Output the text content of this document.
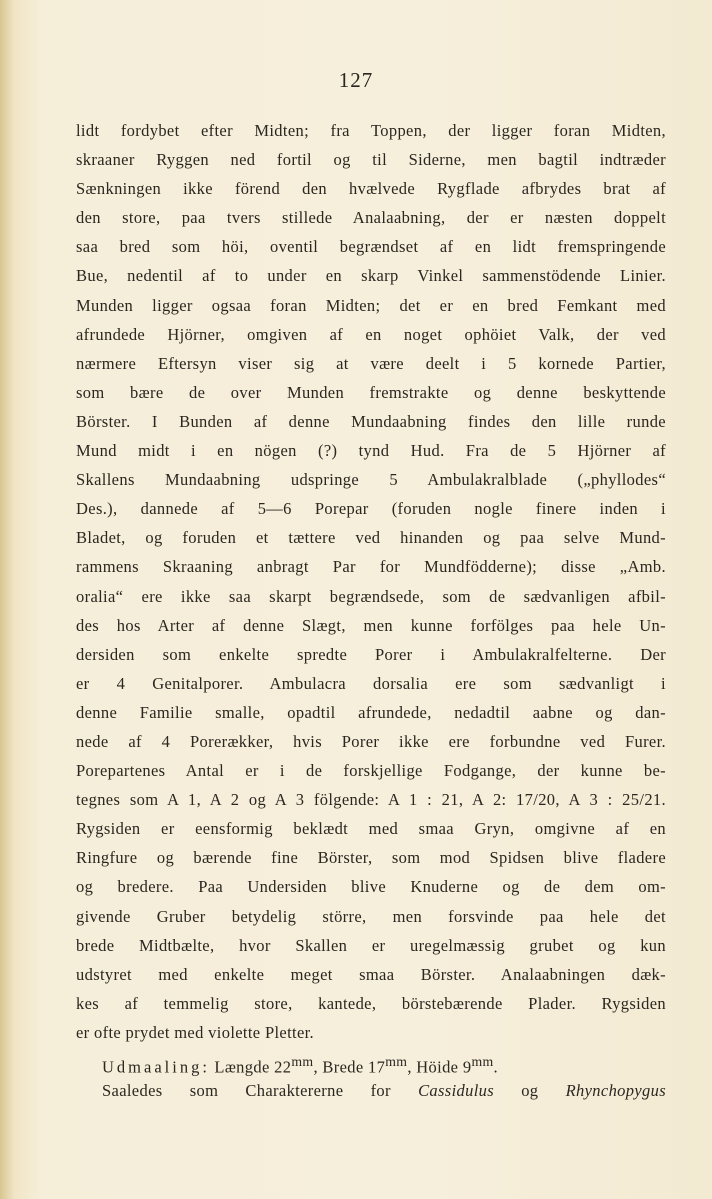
127
lidt fordybet efter Midten; fra Toppen, der ligger foran Midten,
skraaner Ryggen ned fortil og til Siderne, men bagtil indtræder
Sænkningen ikke förend den hvælvede Rygflade afbrydes brat af
den store, paa tvers stillede Analaabning, der er næsten doppelt
saa bred som höi, oventil begrændset af en lidt fremspringende
Bue, nedentil af to under en skarp Vinkel sammenstödende Linier.
Munden ligger ogsaa foran Midten; det er en bred Femkant med
afrundede Hjörner, omgiven af en noget ophöiet Valk, der ved
nærmere Eftersyn viser sig at være deelt i 5 kornede Partier,
som bære de over Munden fremstrakte og denne beskyttende
Börster. I Bunden af denne Mundaabning findes den lille runde
Mund midt i en nögen (?) tynd Hud. Fra de 5 Hjörner af
Skallens Mundaabning udspringe 5 Ambulakralblade („phyllodes“
Des.), dannede af 5—6 Porepar (foruden nogle finere inden i
Bladet, og foruden et tættere ved hinanden og paa selve Mund-
rammens Skraaning anbragt Par for Mundfödderne); disse „Amb.
oralia“ ere ikke saa skarpt begrændsede, som de sædvanligen afbil-
des hos Arter af denne Slægt, men kunne forfölges paa hele Un-
dersiden som enkelte spredte Porer i Ambulakralfelterne. Der
er 4 Genitalporer. Ambulacra dorsalia ere som sædvanligt i
denne Familie smalle, opadtil afrundede, nedadtil aabne og dan-
nede af 4 Porerækker, hvis Porer ikke ere forbundne ved Furer.
Porepartenes Antal er i de forskjellige Fodgange, der kunne be-
tegnes som A 1, A 2 og A 3 fölgende: A 1 : 21, A 2: 17/20, A 3 : 25/21.
Rygsiden er eensformig beklædt med smaa Gryn, omgivne af en
Ringfure og bærende fine Börster, som mod Spidsen blive fladere
og bredere. Paa Undersiden blive Knuderne og de dem om-
givende Gruber betydelig större, men forsvinde paa hele det
brede Midtbælte, hvor Skallen er uregelmæssig grubet og kun
udstyret med enkelte meget smaa Börster. Analaabningen dæk-
kes af temmelig store, kantede, börstebærende Plader. Rygsiden
er ofte prydet med violette Pletter.
Udmaaling: Længde $22^{mm}$, Brede $17^{mm}$, Höide $9^{mm}$.
Saaledes som Charaktererne for Cassidulus og Rhynchopygus
